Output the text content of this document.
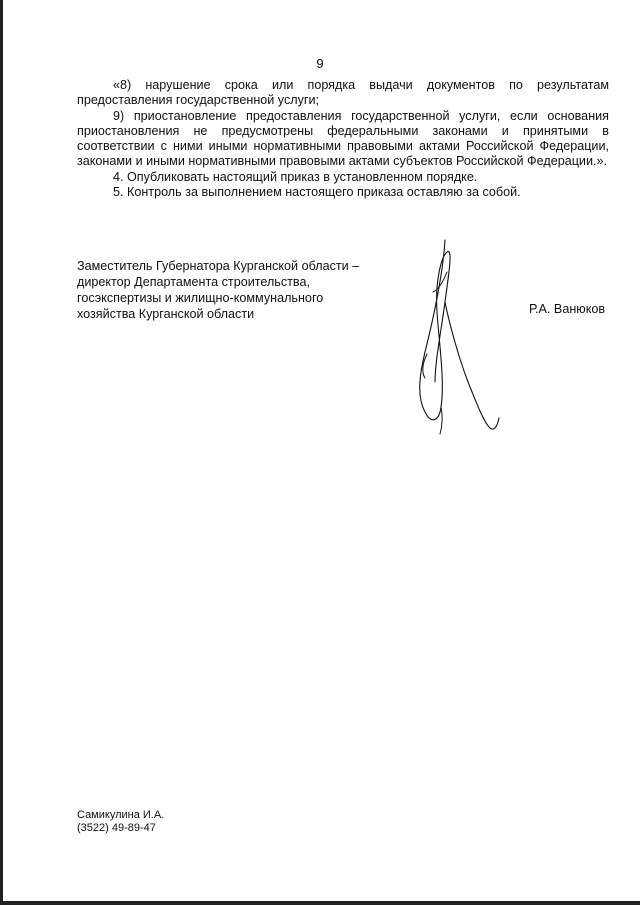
9

«8) нарушение срока или порядка выдачи документов по результатам предоставления государственной услуги;

9) приостановление предоставления государственной услуги, если основания приостановления не предусмотрены федеральными законами и принятыми в соответствии с ними иными нормативными правовыми актами Российской Федерации, законами и иными нормативными правовыми актами субъектов Российской Федерации.».

4. Опубликовать настоящий приказ в установленном порядке.

5. Контроль за выполнением настоящего приказа оставляю за собой.

Заместитель Губернатора Курганской области –
директор Департамента строительства,
госэкспертизы и жилищно-коммунального
хозяйства Курганской области	Р.А. Ванюков
Самикулина И.А.
(3522) 49-89-47
